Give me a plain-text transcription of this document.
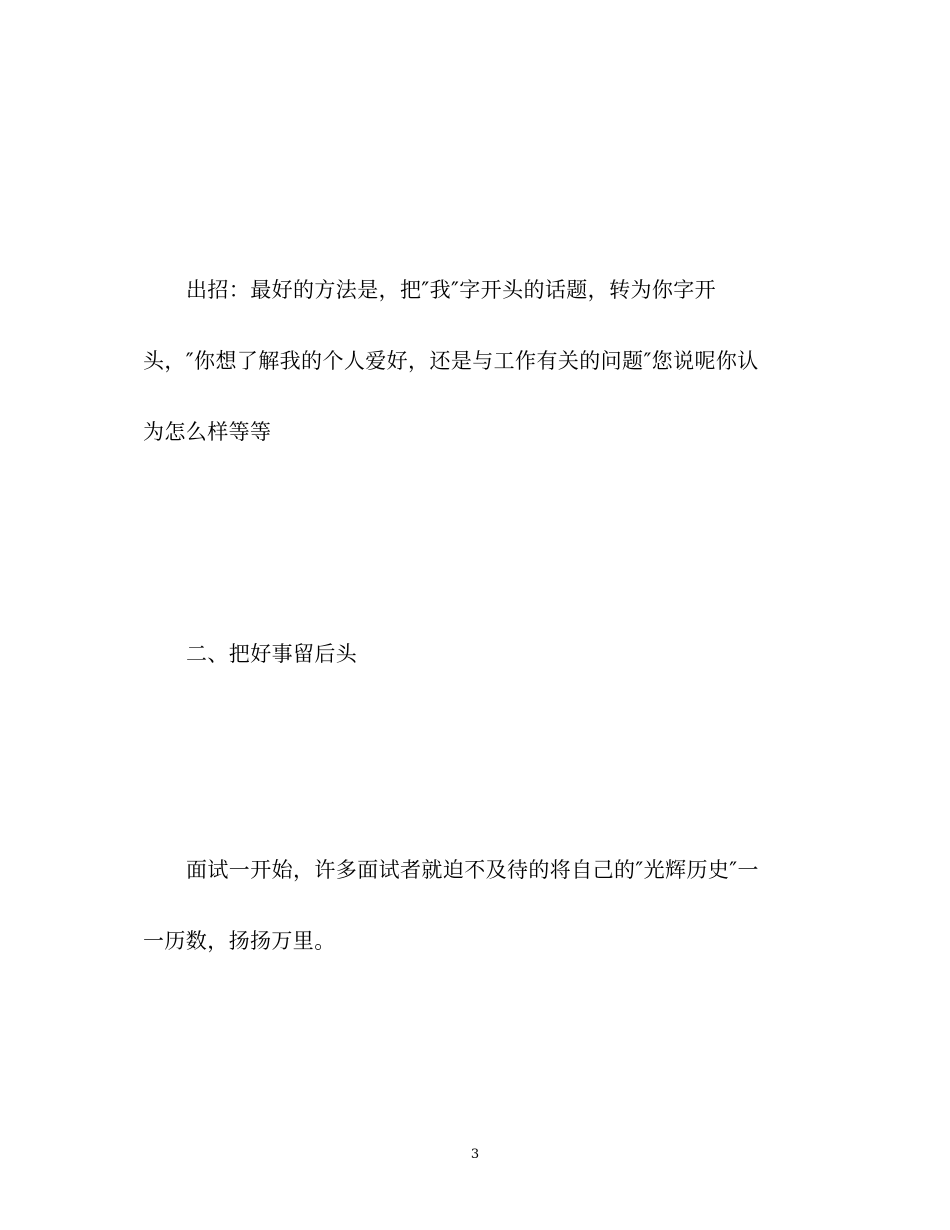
出招：最好的方法是，把″我″字开头的话题，转为你字开
头，″你想了解我的个人爱好，还是与工作有关的问题″您说呢你认
为怎么样等等
二、把好事留后头
面试一开始，许多面试者就迫不及待的将自己的″光辉历史″一
一历数，扬扬万里。
3
